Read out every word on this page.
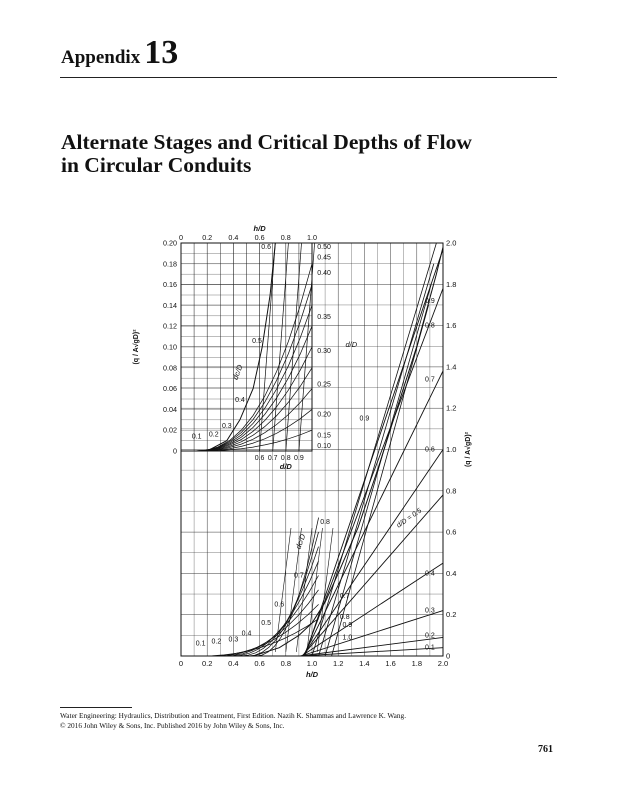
Appendix 13
Alternate Stages and Critical Depths of Flow
in Circular Conduits
0	0.2 0.4 0.6 0.8 1.0 1.2 1.4 1.6 1.8 2.0
0
0.2
0.4
0.6
0.8
1.0
1.2
1.4
1.6
1.8
2.0
h/D
(q / A√gD)²
0	0.2 0.4 0.6 0.8 1.0
h/D
0
0.02
0.04
0.06
0.08
0.10
0.12
0.14
0.16
0.18
0.20
(q / A√gD)²
0.9
0.8
0.7
0.6
0.4
0.3
0.2
0.1
d/D = 0.5
0.1 0.2 0.3
0.4
0.5
0.6
0.7
0.8
dc/D
0.7
0.8
0.9
1.0
0.9
0.50
0.45
0.40
0.35
0.30
0.25
0.20
0.15
0.10
0.1 0.2
0.3
0.4
0.5
0.6
dc/D
d/D
0.6 0.7 0.8 0.9
d/D
Water Engineering: Hydraulics, Distribution and Treatment, First Edition. Nazih K. Shammas and Lawrence K. Wang.
© 2016 John Wiley & Sons, Inc. Published 2016 by John Wiley & Sons, Inc.
761
